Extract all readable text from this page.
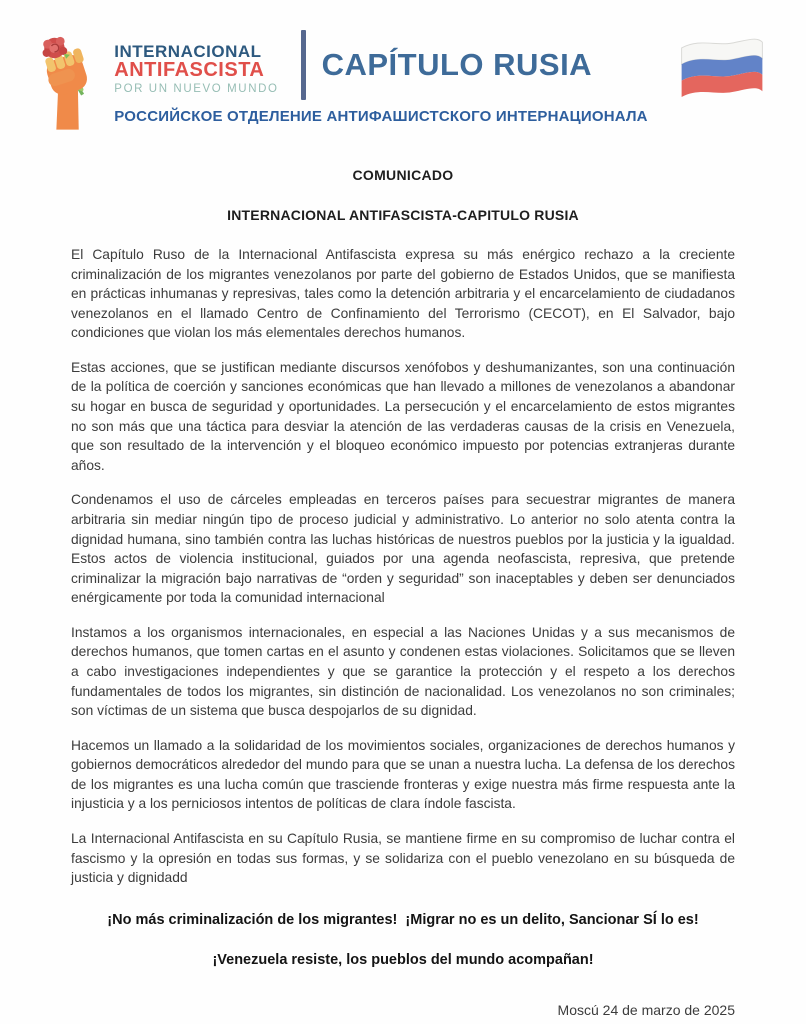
INTERNACIONAL
ANTIFASCISTA
POR UN NUEVO MUNDO
CAPÍTULO RUSIA
РОССИЙСКОЕ ОТДЕЛЕНИЕ АНТИФАШИСТСКОГО ИНТЕРНАЦИОНАЛА
COMUNICADO
INTERNACIONAL ANTIFASCISTA-CAPITULO RUSIA

El Capítulo Ruso de la Internacional Antifascista expresa su más enérgico rechazo a la creciente criminalización de los migrantes venezolanos por parte del gobierno de Estados Unidos, que se manifiesta en prácticas inhumanas y represivas, tales como la detención arbitraria y el encarcelamiento de ciudadanos venezolanos en el llamado Centro de Confinamiento del Terrorismo (CECOT), en El Salvador, bajo condiciones que violan los más elementales derechos humanos.

Estas acciones, que se justifican mediante discursos xenófobos y deshumanizantes, son una continuación de la política de coerción y sanciones económicas que han llevado a millones de venezolanos a abandonar su hogar en busca de seguridad y oportunidades. La persecución y el encarcelamiento de estos migrantes no son más que una táctica para desviar la atención de las verdaderas causas de la crisis en Venezuela, que son resultado de la intervención y el bloqueo económico impuesto por potencias extranjeras durante años.

Condenamos el uso de cárceles empleadas en terceros países para secuestrar migrantes de manera arbitraria sin mediar ningún tipo de proceso judicial y administrativo. Lo anterior no solo atenta contra la dignidad humana, sino también contra las luchas históricas de nuestros pueblos por la justicia y la igualdad. Estos actos de violencia institucional, guiados por una agenda neofascista, represiva, que pretende criminalizar la migración bajo narrativas de “orden y seguridad” son inaceptables y deben ser denunciados enérgicamente por toda la comunidad internacional

Instamos a los organismos internacionales, en especial a las Naciones Unidas y a sus mecanismos de derechos humanos, que tomen cartas en el asunto y condenen estas violaciones. Solicitamos que se lleven a cabo investigaciones independientes y que se garantice la protección y el respeto a los derechos fundamentales de todos los migrantes, sin distinción de nacionalidad. Los venezolanos no son criminales; son víctimas de un sistema que busca despojarlos de su dignidad.

Hacemos un llamado a la solidaridad de los movimientos sociales, organizaciones de derechos humanos y gobiernos democráticos alrededor del mundo para que se unan a nuestra lucha. La defensa de los derechos de los migrantes es una lucha común que trasciende fronteras y exige nuestra más firme respuesta ante la injusticia y a los perniciosos intentos de políticas de clara índole fascista.

La Internacional Antifascista en su Capítulo Rusia, se mantiene firme en su compromiso de luchar contra el fascismo y la opresión en todas sus formas, y se solidariza con el pueblo venezolano en su búsqueda de justicia y dignidadd

¡No más criminalización de los migrantes!  ¡Migrar no es un delito, Sancionar SÍ lo es!
¡Venezuela resiste, los pueblos del mundo acompañan!
Moscú 24 de marzo de 2025
